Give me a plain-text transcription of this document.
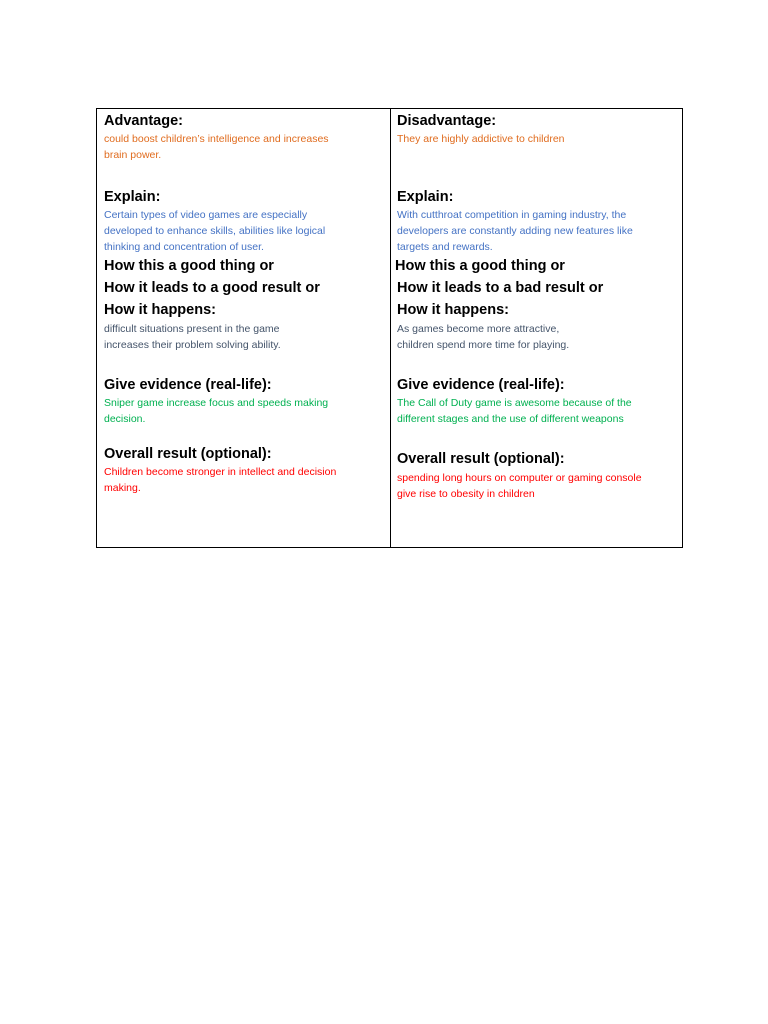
Advantage:

could boost children’s intelligence and increases
brain power.

Explain:

Certain types of video games are especially
developed to enhance skills, abilities like logical
thinking and concentration of user.

How this a good thing or
How it leads to a good result or
How it happens:

difficult situations present in the game
increases their problem solving ability.

Give evidence (real-life):

Sniper game increase focus and speeds making
decision.

Overall result (optional):

Children become stronger in intellect and decision
making.

Disadvantage:

They are highly addictive to children

Explain:

With cutthroat competition in gaming industry, the
developers are constantly adding new features like
targets and rewards.

How this a good thing or
How it leads to a bad result or
How it happens:

As games become more attractive,
children spend more time for playing.

Give evidence (real-life):

The Call of Duty game is awesome because of the
different stages and the use of different weapons

Overall result (optional):

spending long hours on computer or gaming console
give rise to obesity in children
